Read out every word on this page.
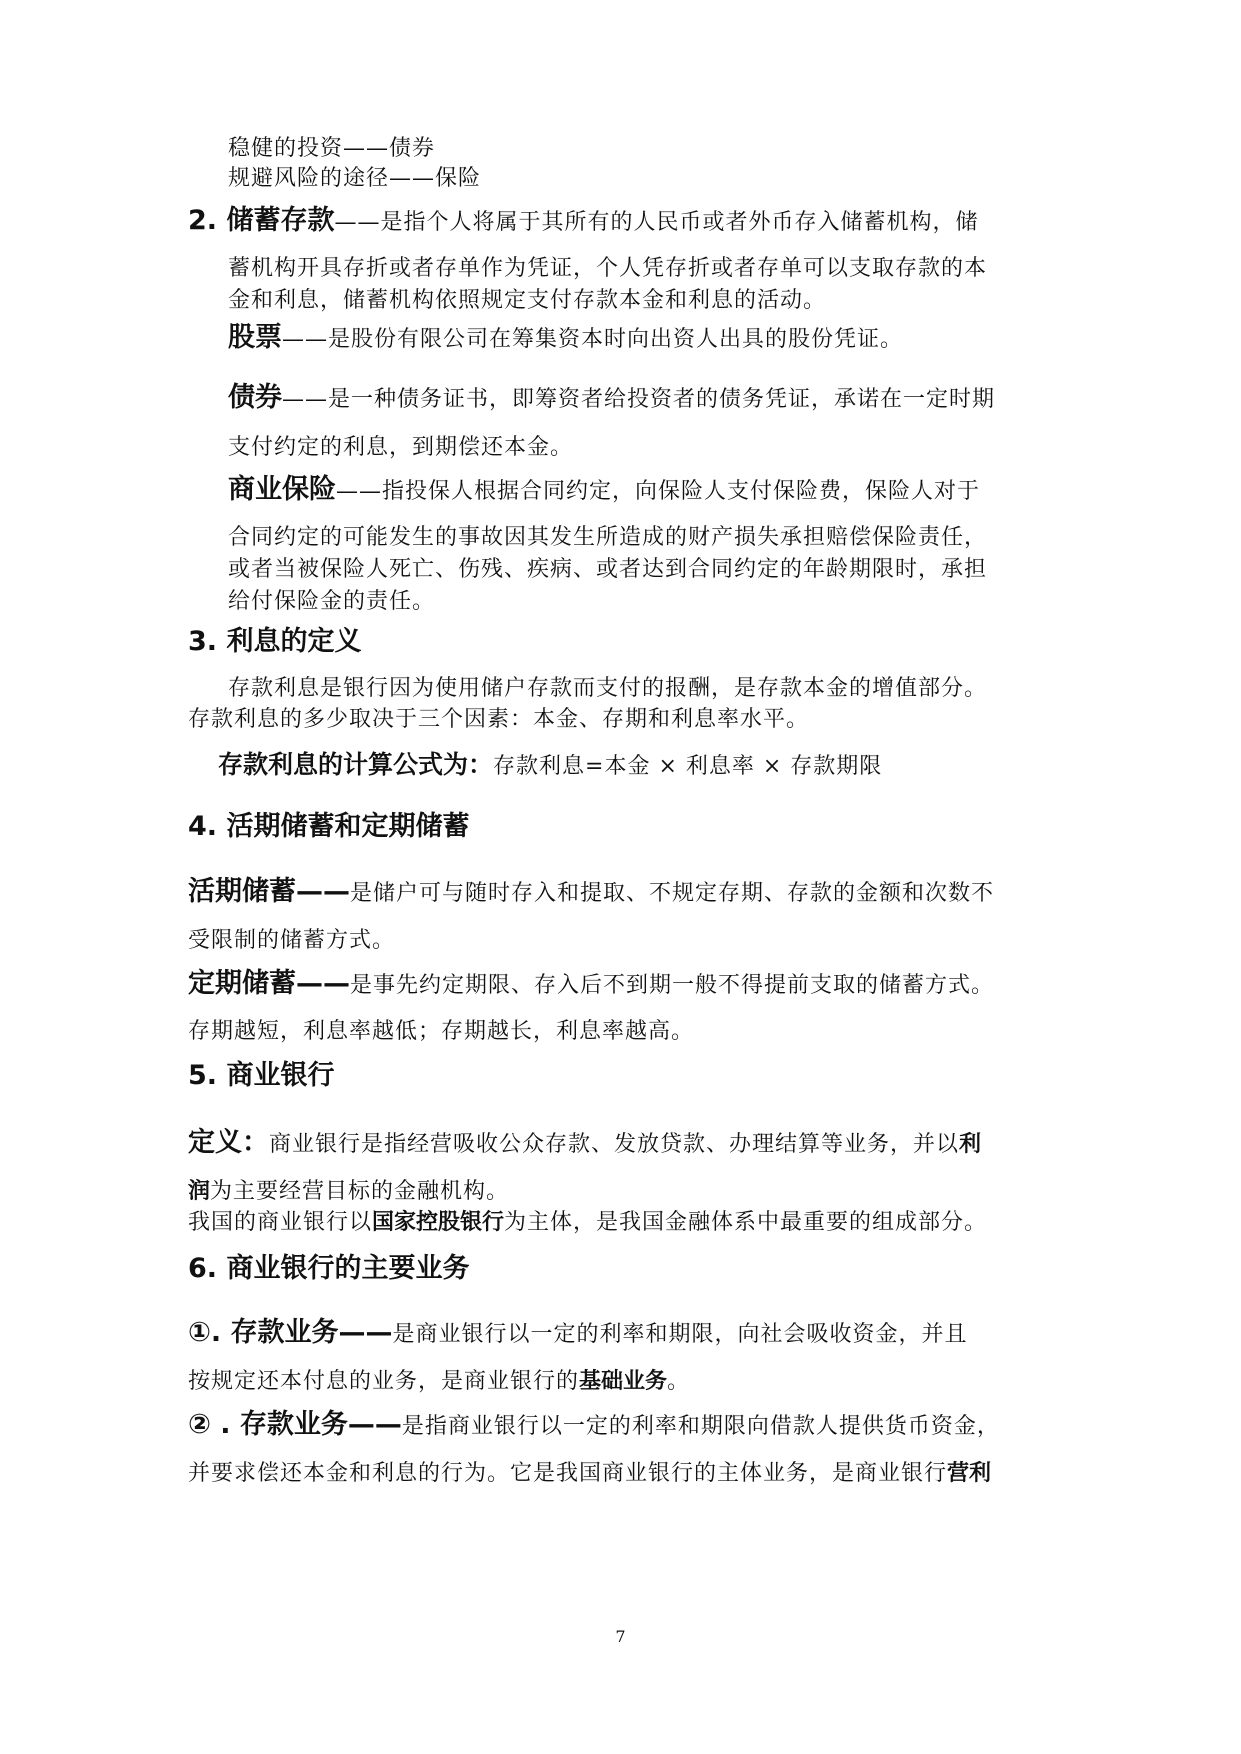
稳健的投资——债券
规避风险的途径——保险
2. 储蓄存款——是指个人将属于其所有的人民币或者外币存入储蓄机构，储
蓄机构开具存折或者存单作为凭证，个人凭存折或者存单可以支取存款的本
金和利息，储蓄机构依照规定支付存款本金和利息的活动。
股票——是股份有限公司在筹集资本时向出资人出具的股份凭证。
债券——是一种债务证书，即筹资者给投资者的债务凭证，承诺在一定时期
支付约定的利息，到期偿还本金。
商业保险——指投保人根据合同约定，向保险人支付保险费，保险人对于
合同约定的可能发生的事故因其发生所造成的财产损失承担赔偿保险责任，
或者当被保险人死亡、伤残、疾病、或者达到合同约定的年龄期限时，承担
给付保险金的责任。
3. 利息的定义
存款利息是银行因为使用储户存款而支付的报酬，是存款本金的增值部分。
存款利息的多少取决于三个因素：本金、存期和利息率水平。
存款利息的计算公式为：存款利息=本金 × 利息率 × 存款期限
4. 活期储蓄和定期储蓄
活期储蓄——是储户可与随时存入和提取、不规定存期、存款的金额和次数不
受限制的储蓄方式。
定期储蓄——是事先约定期限、存入后不到期一般不得提前支取的储蓄方式。
存期越短，利息率越低；存期越长，利息率越高。
5. 商业银行
定义：商业银行是指经营吸收公众存款、发放贷款、办理结算等业务，并以利
润为主要经营目标的金融机构。
我国的商业银行以国家控股银行为主体，是我国金融体系中最重要的组成部分。
6. 商业银行的主要业务
①. 存款业务——是商业银行以一定的利率和期限，向社会吸收资金，并且
按规定还本付息的业务，是商业银行的基础业务。
② . 存款业务——是指商业银行以一定的利率和期限向借款人提供货币资金，
并要求偿还本金和利息的行为。它是我国商业银行的主体业务，是商业银行营利
7
